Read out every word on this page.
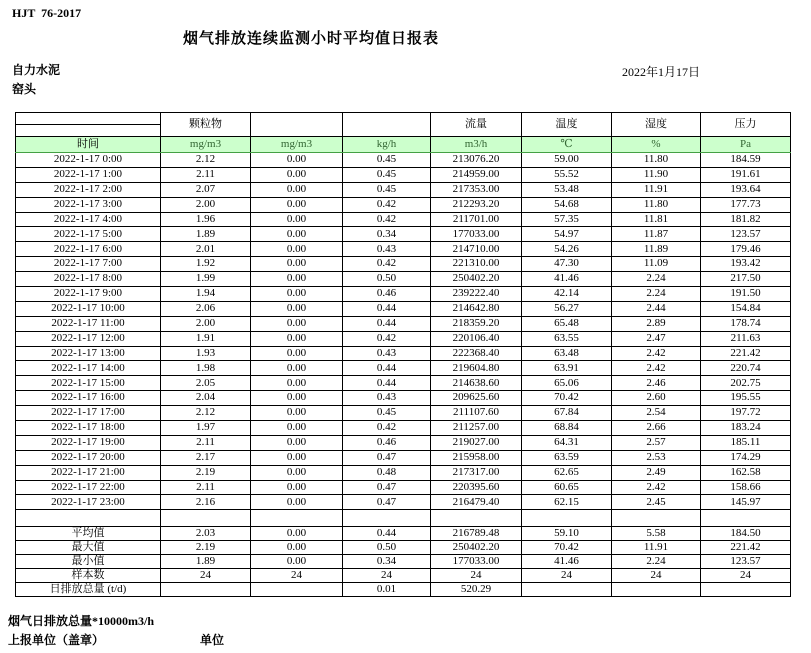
HJT  76-2017
烟气排放连续监测小时平均值日报表
自力水泥
窑头
2022年1月17日
	颗粒物			流量	温度	湿度	压力

时间	mg/m3	mg/m3	kg/h	m3/h	℃	%	Pa
2022-1-17 0:00	2.12	0.00	0.45	213076.20	59.00	11.80	184.59
2022-1-17 1:00	2.11	0.00	0.45	214959.00	55.52	11.90	191.61
2022-1-17 2:00	2.07	0.00	0.45	217353.00	53.48	11.91	193.64
2022-1-17 3:00	2.00	0.00	0.42	212293.20	54.68	11.80	177.73
2022-1-17 4:00	1.96	0.00	0.42	211701.00	57.35	11.81	181.82
2022-1-17 5:00	1.89	0.00	0.34	177033.00	54.97	11.87	123.57
2022-1-17 6:00	2.01	0.00	0.43	214710.00	54.26	11.89	179.46
2022-1-17 7:00	1.92	0.00	0.42	221310.00	47.30	11.09	193.42
2022-1-17 8:00	1.99	0.00	0.50	250402.20	41.46	2.24	217.50
2022-1-17 9:00	1.94	0.00	0.46	239222.40	42.14	2.24	191.50
2022-1-17 10:00	2.06	0.00	0.44	214642.80	56.27	2.44	154.84
2022-1-17 11:00	2.00	0.00	0.44	218359.20	65.48	2.89	178.74
2022-1-17 12:00	1.91	0.00	0.42	220106.40	63.55	2.47	211.63
2022-1-17 13:00	1.93	0.00	0.43	222368.40	63.48	2.42	221.42
2022-1-17 14:00	1.98	0.00	0.44	219604.80	63.91	2.42	220.74
2022-1-17 15:00	2.05	0.00	0.44	214638.60	65.06	2.46	202.75
2022-1-17 16:00	2.04	0.00	0.43	209625.60	70.42	2.60	195.55
2022-1-17 17:00	2.12	0.00	0.45	211107.60	67.84	2.54	197.72
2022-1-17 18:00	1.97	0.00	0.42	211257.00	68.84	2.66	183.24
2022-1-17 19:00	2.11	0.00	0.46	219027.00	64.31	2.57	185.11
2022-1-17 20:00	2.17	0.00	0.47	215958.00	63.59	2.53	174.29
2022-1-17 21:00	2.19	0.00	0.48	217317.00	62.65	2.49	162.58
2022-1-17 22:00	2.11	0.00	0.47	220395.60	60.65	2.42	158.66
2022-1-17 23:00	2.16	0.00	0.47	216479.40	62.15	2.45	145.97

平均值	2.03	0.00	0.44	216789.48	59.10	5.58	184.50
最大值	2.19	0.00	0.50	250402.20	70.42	11.91	221.42
最小值	1.89	0.00	0.34	177033.00	41.46	2.24	123.57
样本数	24	24	24	24	24	24	24
日排放总量 (t/d)			0.01	520.29			
烟气日排放总量*10000m3/h
上报单位（盖章）	单位
